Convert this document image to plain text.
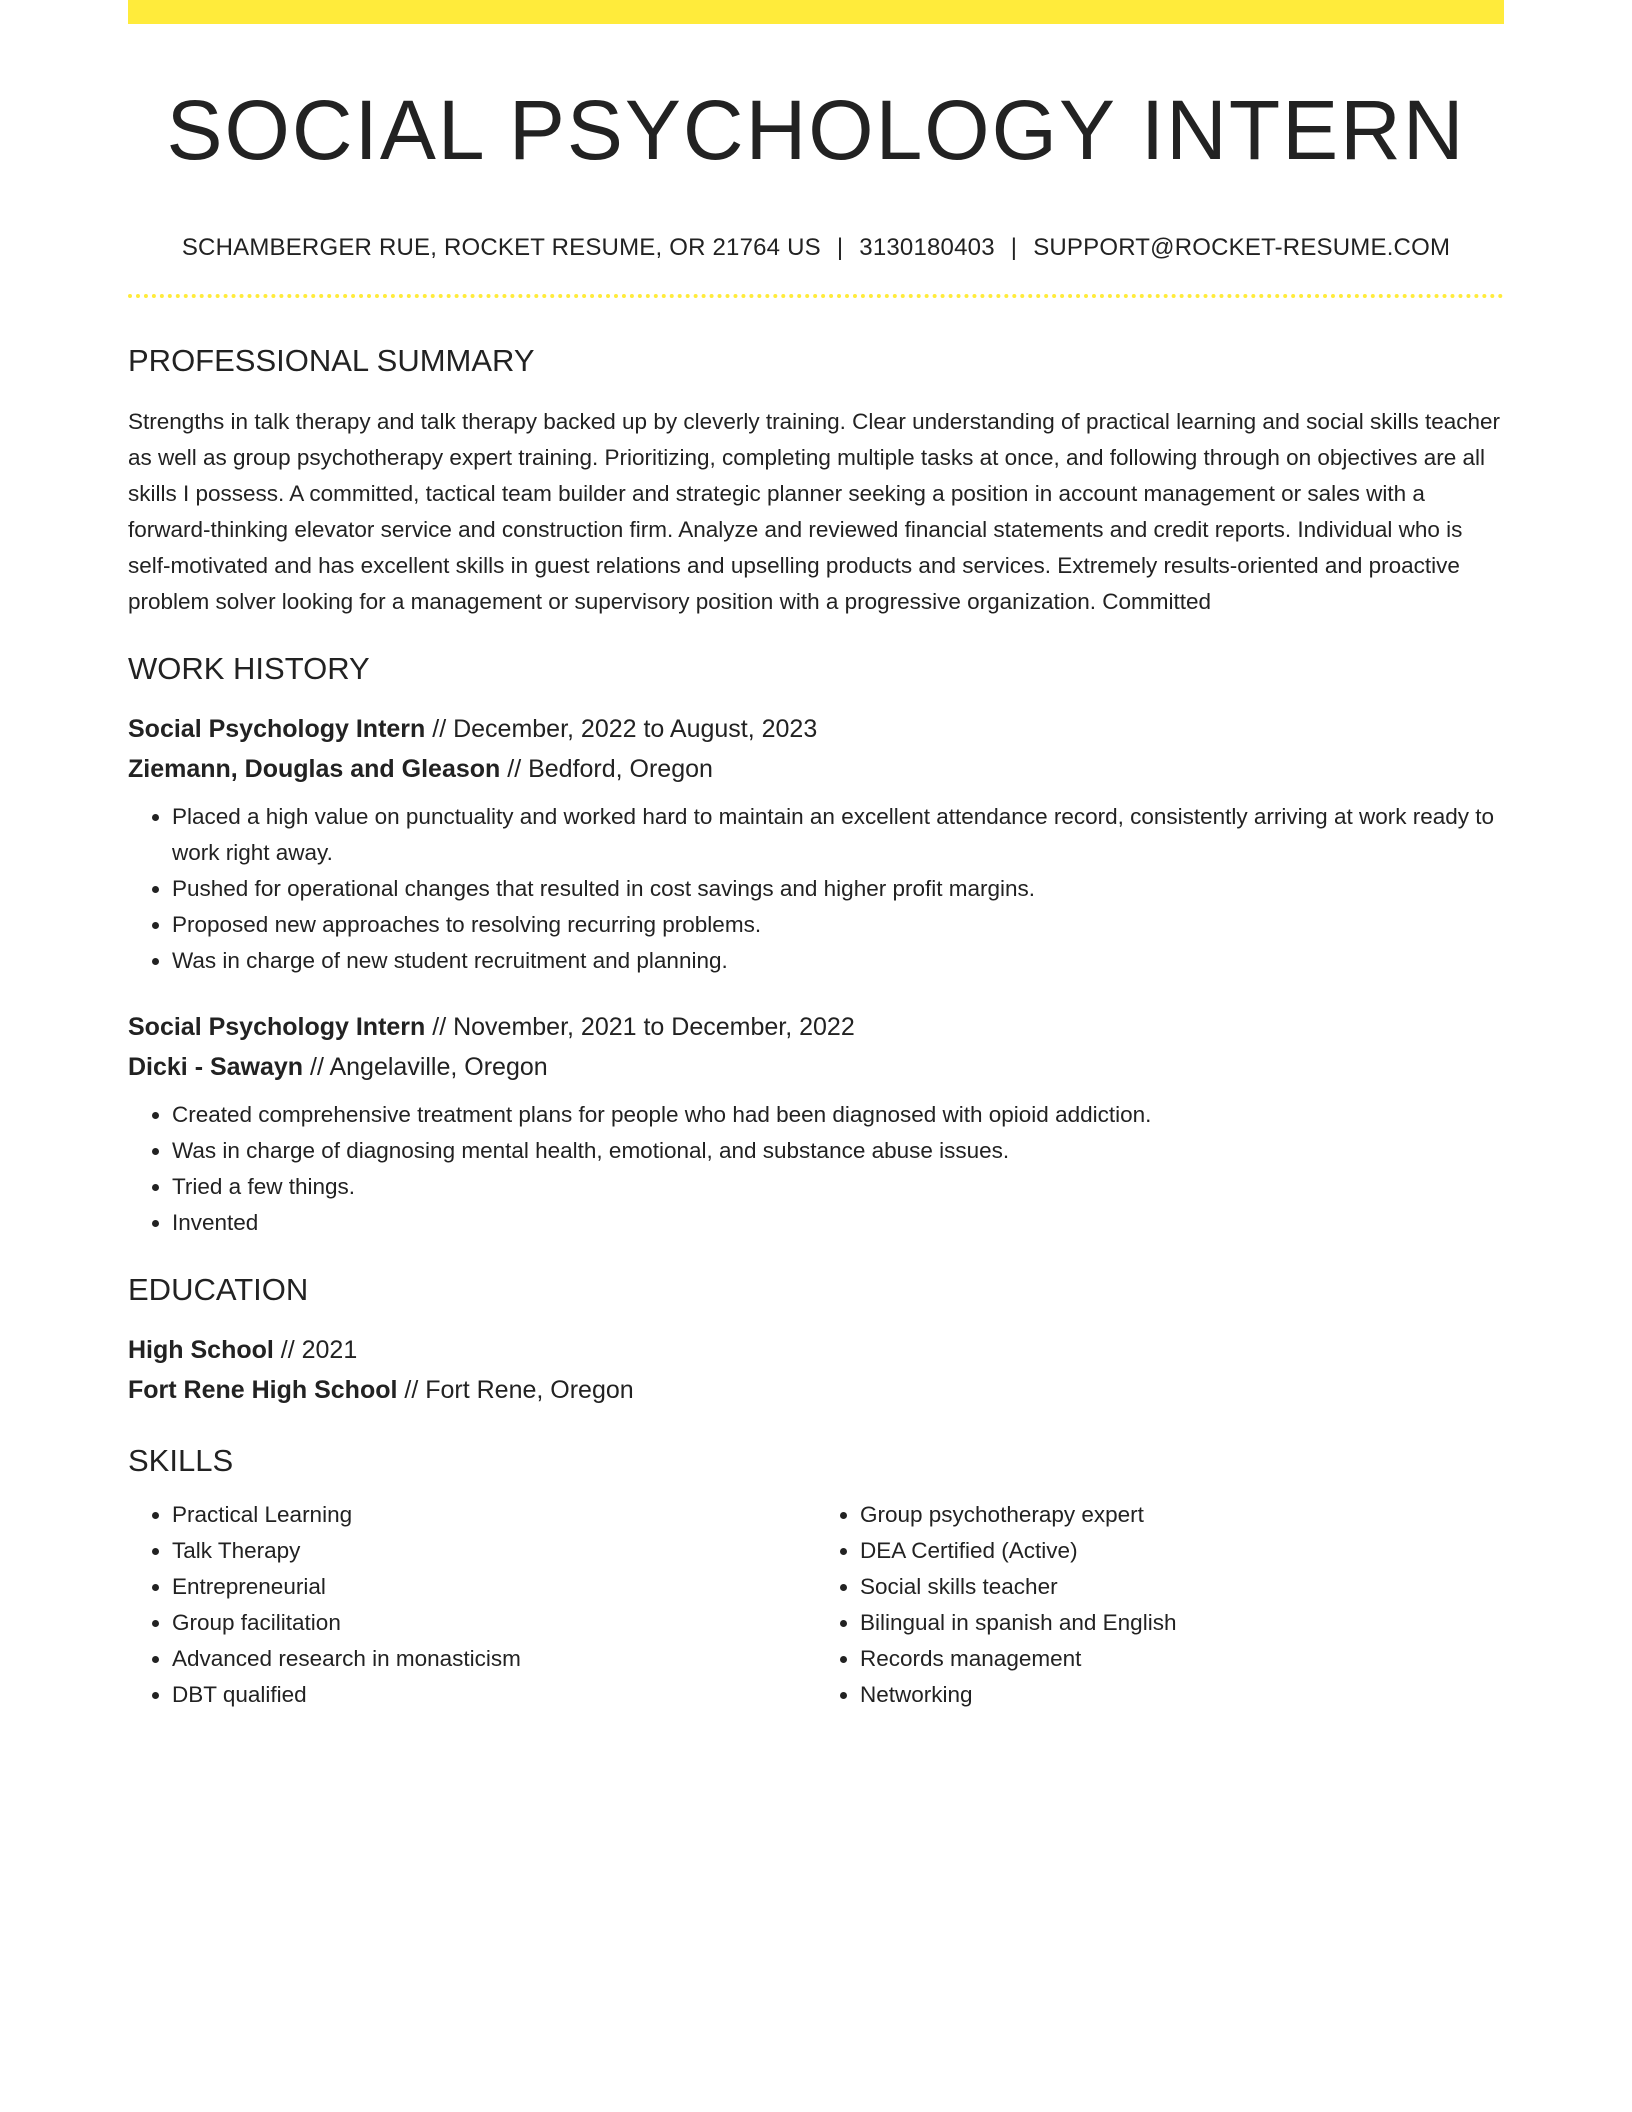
SOCIAL PSYCHOLOGY INTERN
SCHAMBERGER RUE, ROCKET RESUME, OR 21764 US | 3130180403 | SUPPORT@ROCKET-RESUME.COM
PROFESSIONAL SUMMARY
Strengths in talk therapy and talk therapy backed up by cleverly training. Clear understanding of practical learning and social skills teacher as well as group psychotherapy expert training. Prioritizing, completing multiple tasks at once, and following through on objectives are all skills I possess. A committed, tactical team builder and strategic planner seeking a position in account management or sales with a forward-thinking elevator service and construction firm. Analyze and reviewed financial statements and credit reports. Individual who is self-motivated and has excellent skills in guest relations and upselling products and services. Extremely results-oriented and proactive problem solver looking for a management or supervisory position with a progressive organization. Committed
WORK HISTORY
Social Psychology Intern // December, 2022 to August, 2023
Ziemann, Douglas and Gleason // Bedford, Oregon
• Placed a high value on punctuality and worked hard to maintain an excellent attendance record, consistently arriving at work ready to work right away.
• Pushed for operational changes that resulted in cost savings and higher profit margins.
• Proposed new approaches to resolving recurring problems.
• Was in charge of new student recruitment and planning.
Social Psychology Intern // November, 2021 to December, 2022
Dicki - Sawayn // Angelaville, Oregon
• Created comprehensive treatment plans for people who had been diagnosed with opioid addiction.
• Was in charge of diagnosing mental health, emotional, and substance abuse issues.
• Tried a few things.
• Invented
EDUCATION
High School // 2021
Fort Rene High School // Fort Rene, Oregon
SKILLS
• Practical Learning
• Talk Therapy
• Entrepreneurial
• Group facilitation
• Advanced research in monasticism
• DBT qualified
• Group psychotherapy expert
• DEA Certified (Active)
• Social skills teacher
• Bilingual in spanish and English
• Records management
• Networking
